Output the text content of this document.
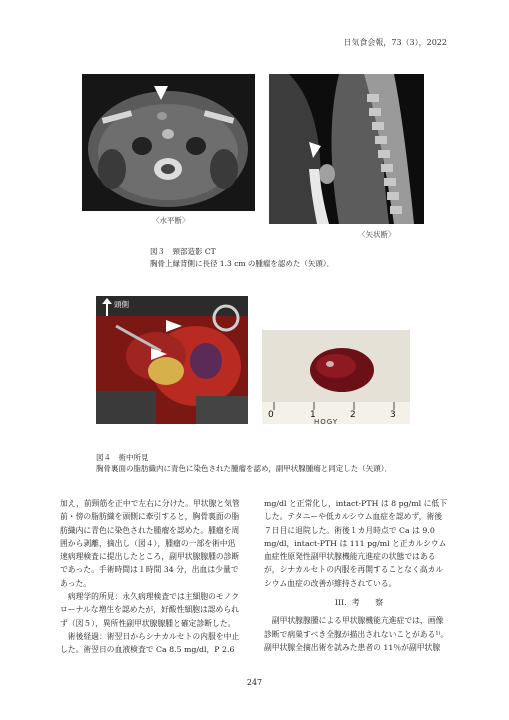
日気食会報，73（3），2022
〈水平断〉
〈矢状断〉
図３　頸部造影 CT
胸骨上縁背側に長径 1.3 cm の腫瘤を認めた（矢頭）．
頭側
0	1	2	3
HOGY
図４　術中所見
胸骨裏面の脂肪織内に青色に染色された腫瘤を認め，副甲状腺腫瘍と同定した（矢頭）．

加え，前頸筋を正中で左右に分けた。甲状腺と気管

前・傍の脂肪織を頭側に牽引すると，胸骨裏面の脂

肪織内に青色に染色された腫瘤を認めた。腫瘤を周

囲から剥離，摘出し（図４），腫瘤の一部を術中迅

速病理検査に提出したところ，副甲状腺腺腫の診断

であった。手術時間は１時間 34 分，出血は少量で

あった。

　病理学的所見：永久病理検査では主細胞のモノク

ローナルな増生を認めたが，好酸性細胞は認められ

ず（図５），異所性副甲状腺腺腫と確定診断した。

　術後経過：術翌日からシナカルセトの内服を中止

した。術翌日の血液検査で Ca 8.5 mg/dl，P 2.6

mg/dl と正常化し，intact-PTH は 8 pg/ml に低下

した。テタニーや低カルシウム血症を認めず，術後

７日目に退院した。術後１カ月時点で Ca は 9.0

mg/dl，intact-PTH は 111 pg/ml と正カルシウム

血症性原発性副甲状腺機能亢進症の状態ではある

が，シナカルセトの内服を再開することなく高カル

シウム血症の改善が維持されている。

III．考　　察

　副甲状腺腺腫による甲状腺機能亢進症では，画像

診断で病巣すべき全腺が描出されないことがある¹⁾。

副甲状腺全摘出術を試みた患者の 11％が副甲状腺

247
